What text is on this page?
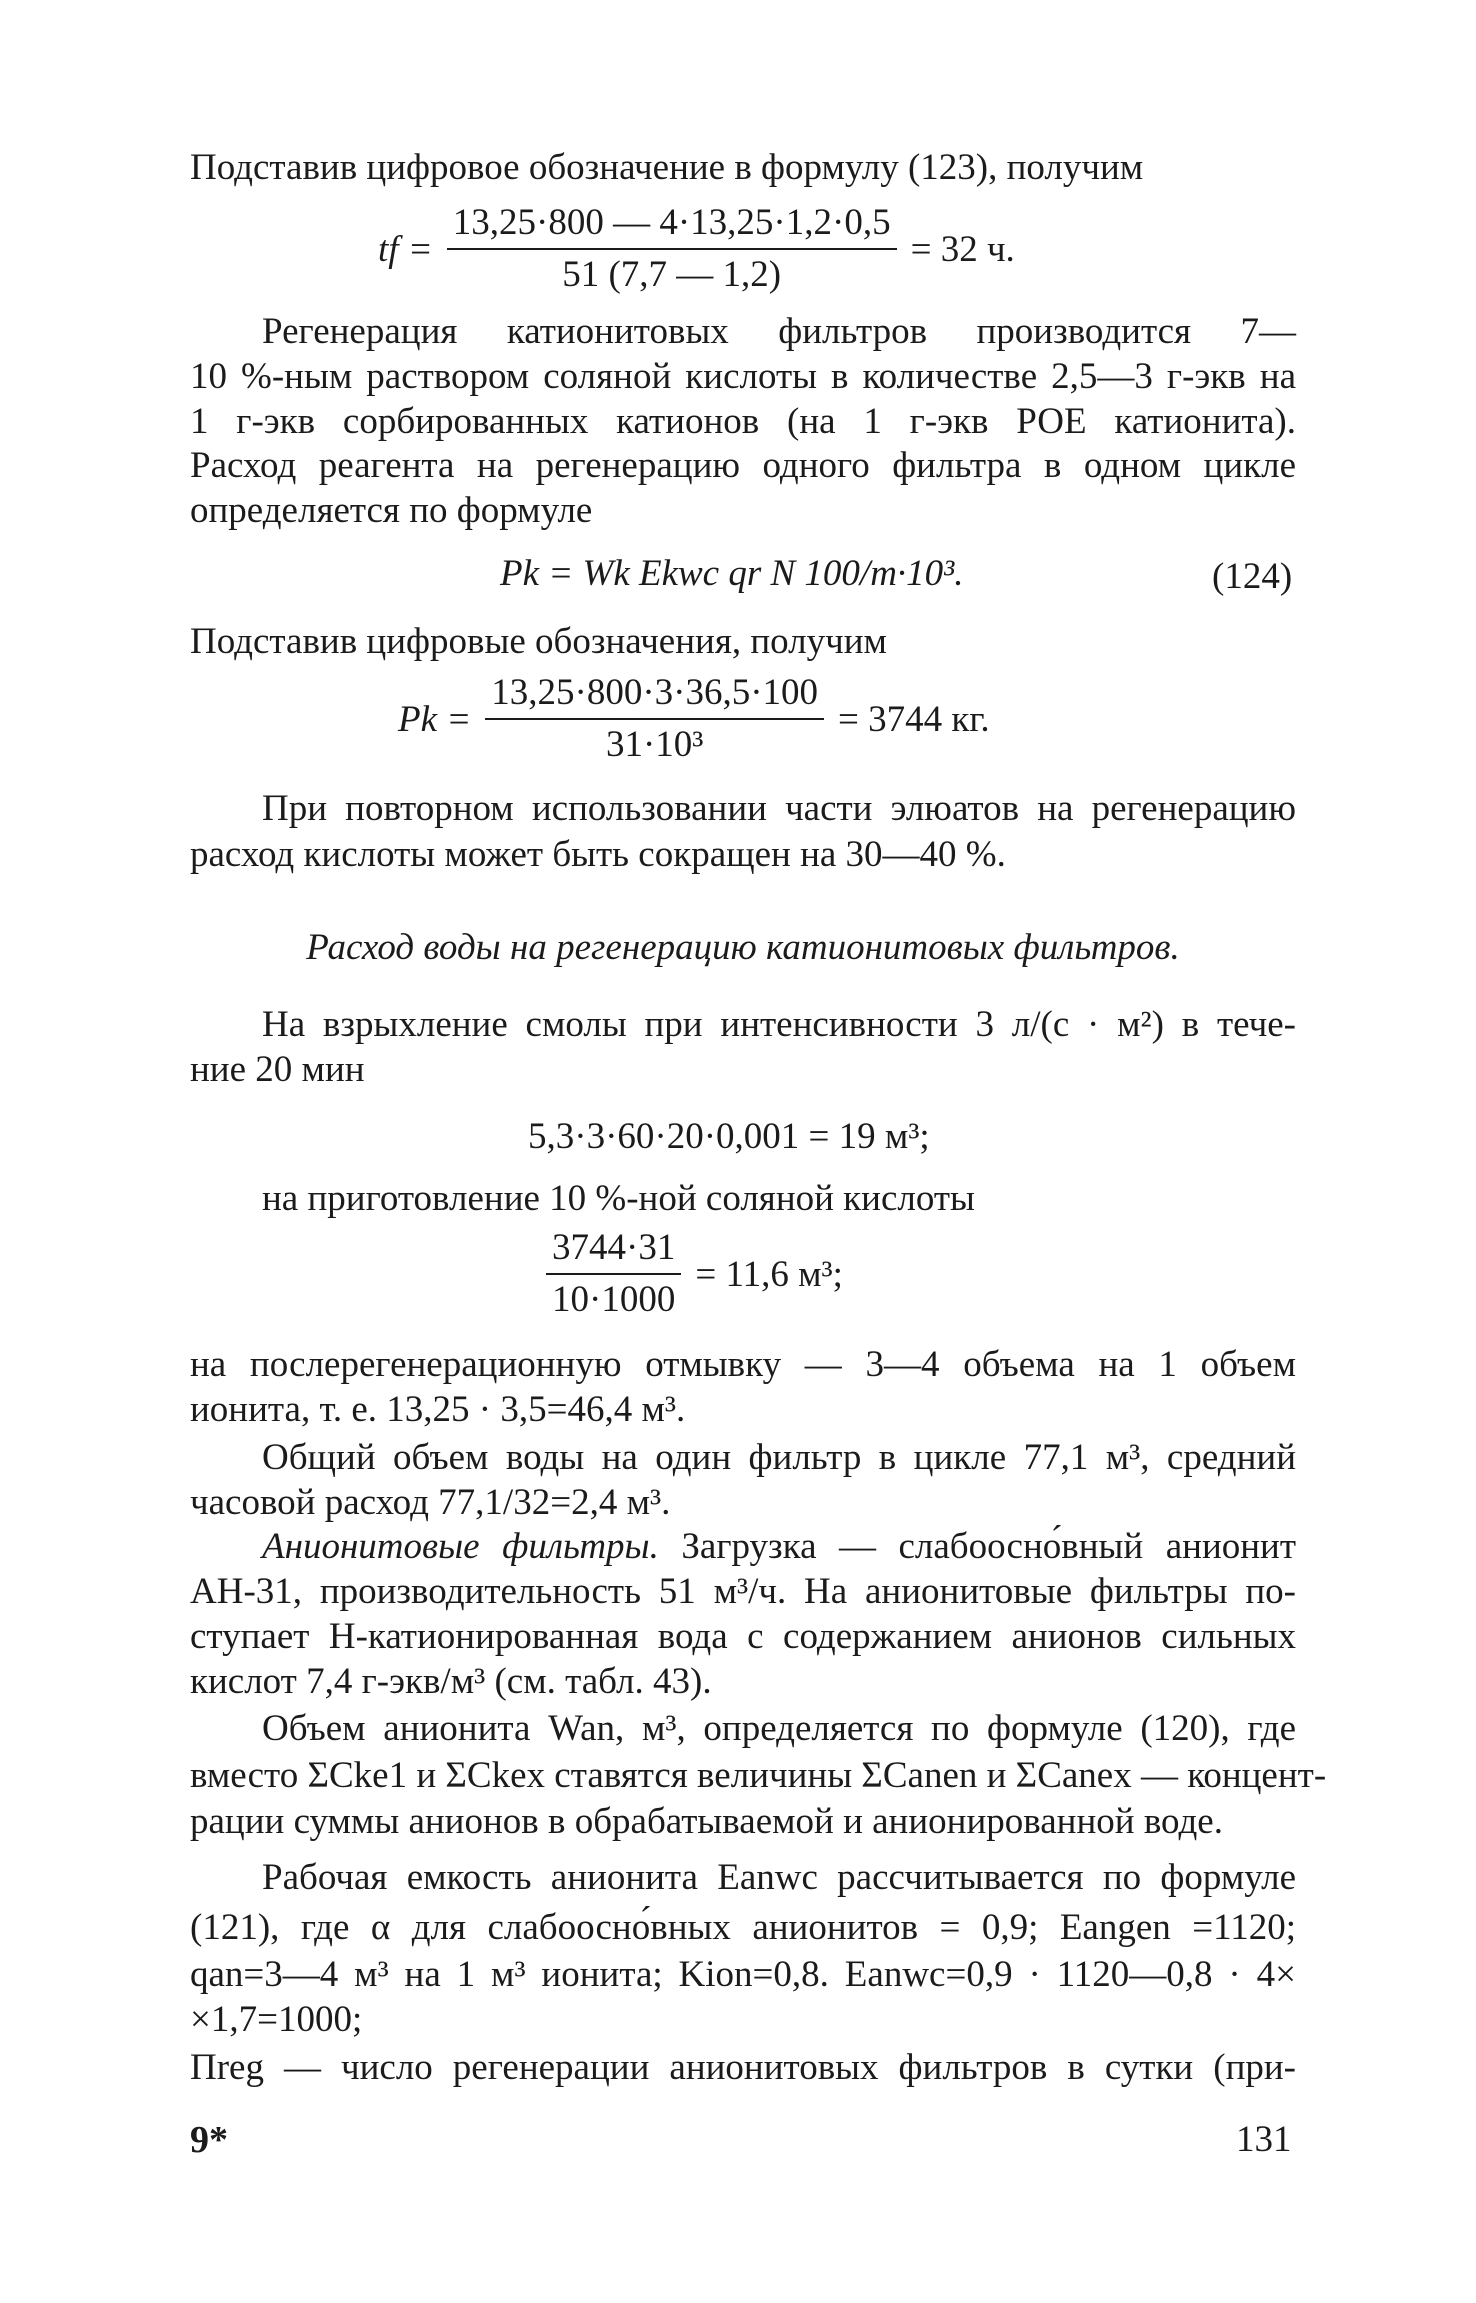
Подставив цифровое обозначение в формулу (123), получим
tf = $\frac{13,25\cdot 800 — 4\cdot 13,25\cdot 1,2\cdot 0,5}{51 (7,7 — 1,2)} = 32$ ч.
Регенерация катионитовых фильтров производится 7—
10 %-ным раствором соляной кислоты в количестве 2,5—3 г-экв на
1 г-экв сорбированных катионов (на 1 г-экв РОЕ катионита).
Расход реагента на регенерацию одного фильтра в одном цикле
определяется по формуле
Pk = Wk Ekwc qr N 100/m·10³.	(124)
Подставив цифровые обозначения, получим
$Pk = \frac{13,25\cdot 800\cdot 3\cdot 36,5\cdot 100}{\text{31·10³}} = 3744$ кг.
При повторном использовании части элюатов на регенерацию
расход кислоты может быть сокращен на 30—40 %.
Расход воды на регенерацию катионитовых фильтров.
На взрыхление смолы при интенсивности 3 л/(с · м²) в тече-
ние 20 мин
5,3·3·60·20·0,001 = 19 м³;
на приготовление 10 %-ной соляной кислоты
$\frac{3744\cdot 31}{10\cdot 1000} = 11,6$ м³;
на послерегенерационную отмывку — 3—4 объема на 1 объем
ионита, т. е. 13,25 · 3,5=46,4 м³.
Общий объем воды на один фильтр в цикле 77,1 м³, средний
часовой расход 77,1/32=2,4 м³.
Анионитовые фильтры. Загрузка — слабоосно́вный анионит
АН-31, производительность 51 м³/ч. На анионитовые фильтры по-
ступает Н-катионированная вода с содержанием анионов сильных
кислот 7,4 г-экв/м³ (см. табл. 43).
Объем анионита Wan, м³, определяется по формуле (120), где
вместо ΣCke1 и ΣCkex ставятся величины ΣCanen и ΣCanex — концент-
рации суммы анионов в обрабатываемой и анионированной воде.
Рабочая емкость анионита Eanwc рассчитывается по формуле
(121), где α для слабоосно́вных анионитов = 0,9; Eangen =1120;
qan=3—4 м³ на 1 м³ ионита; Kion=0,8. Eanwc=0,9 · 1120—0,8 · 4×
×1,7=1000;
Пreg — число регенерации анионитовых фильтров в сутки (при-
9*	131
